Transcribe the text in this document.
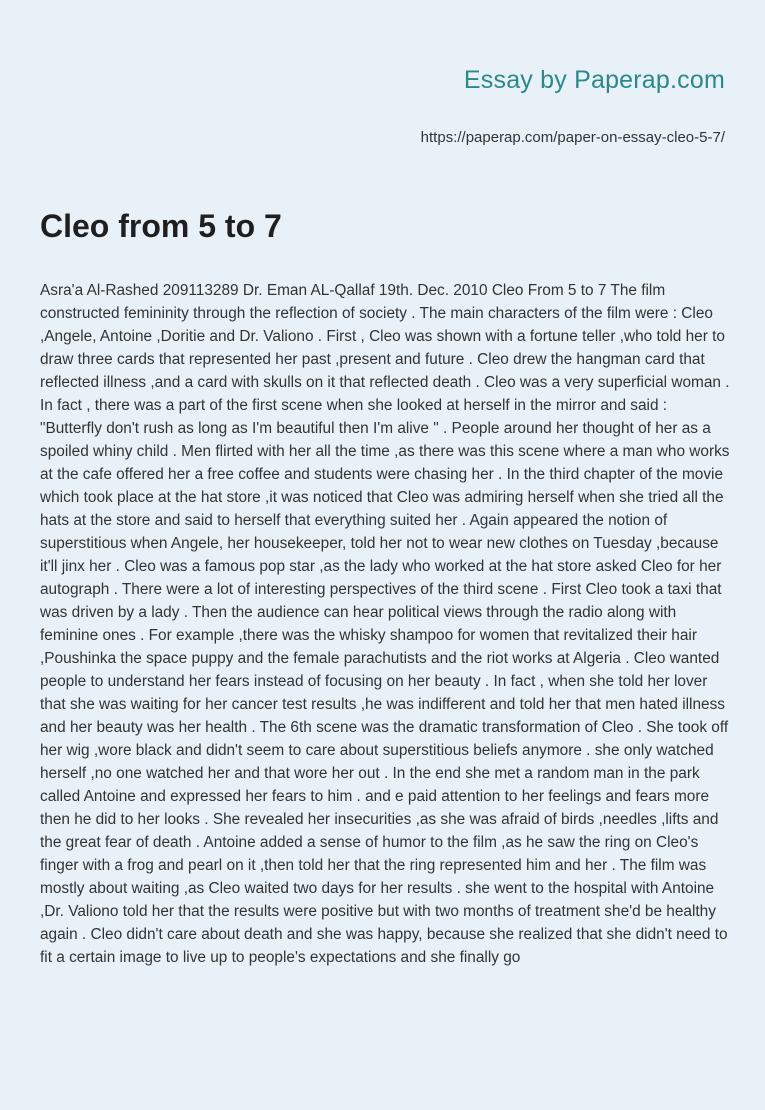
Essay by Paperap.com
https://paperap.com/paper-on-essay-cleo-5-7/
Cleo from 5 to 7

Asra'a Al-Rashed 209113289 Dr. Eman AL-Qallaf 19th. Dec. 2010 Cleo From 5 to 7 The film constructed femininity through the reflection of society . The main characters of the film were : Cleo ,Angele, Antoine ,Doritie and Dr. Valiono . First , Cleo was shown with a fortune teller ,who told her to draw three cards that represented her past ,present and future . Cleo drew the hangman card that reflected illness ,and a card with skulls on it that reflected death . Cleo was a very superficial woman . In fact , there was a part of the first scene when she looked at herself in the mirror and said : "Butterfly don't rush as long as I'm beautiful then I'm alive " . People around her thought of her as a spoiled whiny child . Men flirted with her all the time ,as there was this scene where a man who works at the cafe offered her a free coffee and students were chasing her . In the third chapter of the movie which took place at the hat store ,it was noticed that Cleo was admiring herself when she tried all the hats at the store and said to herself that everything suited her . Again appeared the notion of superstitious when Angele, her housekeeper, told her not to wear new clothes on Tuesday ,because it'll jinx her . Cleo was a famous pop star ,as the lady who worked at the hat store asked Cleo for her autograph . There were a lot of interesting perspectives of the third scene . First Cleo took a taxi that was driven by a lady . Then the audience can hear political views through the radio along with feminine ones . For example ,there was the whisky shampoo for women that revitalized their hair ,Poushinka the space puppy and the female parachutists and the riot works at Algeria . Cleo wanted people to understand her fears instead of focusing on her beauty . In fact , when she told her lover that she was waiting for her cancer test results ,he was indifferent and told her that men hated illness and her beauty was her health . The 6th scene was the dramatic transformation of Cleo . She took off her wig ,wore black and didn't seem to care about superstitious beliefs anymore . she only watched herself ,no one watched her and that wore her out . In the end she met a random man in the park called Antoine and expressed her fears to him . and e paid attention to her feelings and fears more then he did to her looks . She revealed her insecurities ,as she was afraid of birds ,needles ,lifts and the great fear of death . Antoine added a sense of humor to the film ,as he saw the ring on Cleo's finger with a frog and pearl on it ,then told her that the ring represented him and her . The film was mostly about waiting ,as Cleo waited two days for her results . she went to the hospital with Antoine ,Dr. Valiono told her that the results were positive but with two months of treatment she'd be healthy again . Cleo didn't care about death and she was happy, because she realized that she didn't need to fit a certain image to live up to people's expectations and she finally go
